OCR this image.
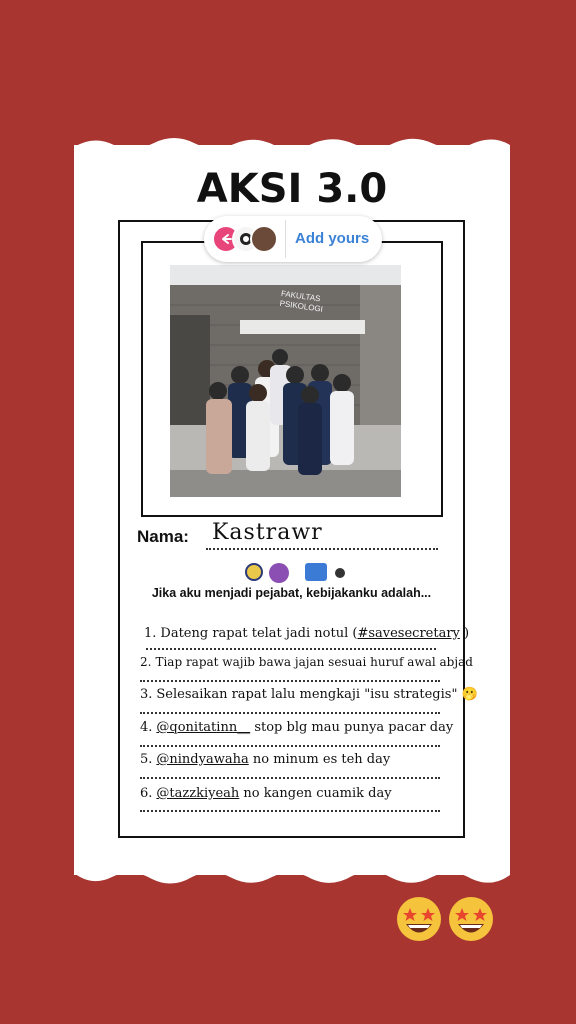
AKSI 3.0
FAKULTAS PSIKOLOGI
Add yours
Nama: Kastrawr
Jika aku menjadi pejabat, kebijakanku adalah...
1. Dateng rapat telat jadi notul (#savesecretary )
2. Tiap rapat wajib bawa jajan sesuai huruf awal abjad
3. Selesaikan rapat lalu mengkaji "isu strategis" 🫢
4. @qonitatinn__ stop blg mau punya pacar day
5. @nindyawaha no minum es teh day
6. @tazzkiyeah no kangen cuamik day
